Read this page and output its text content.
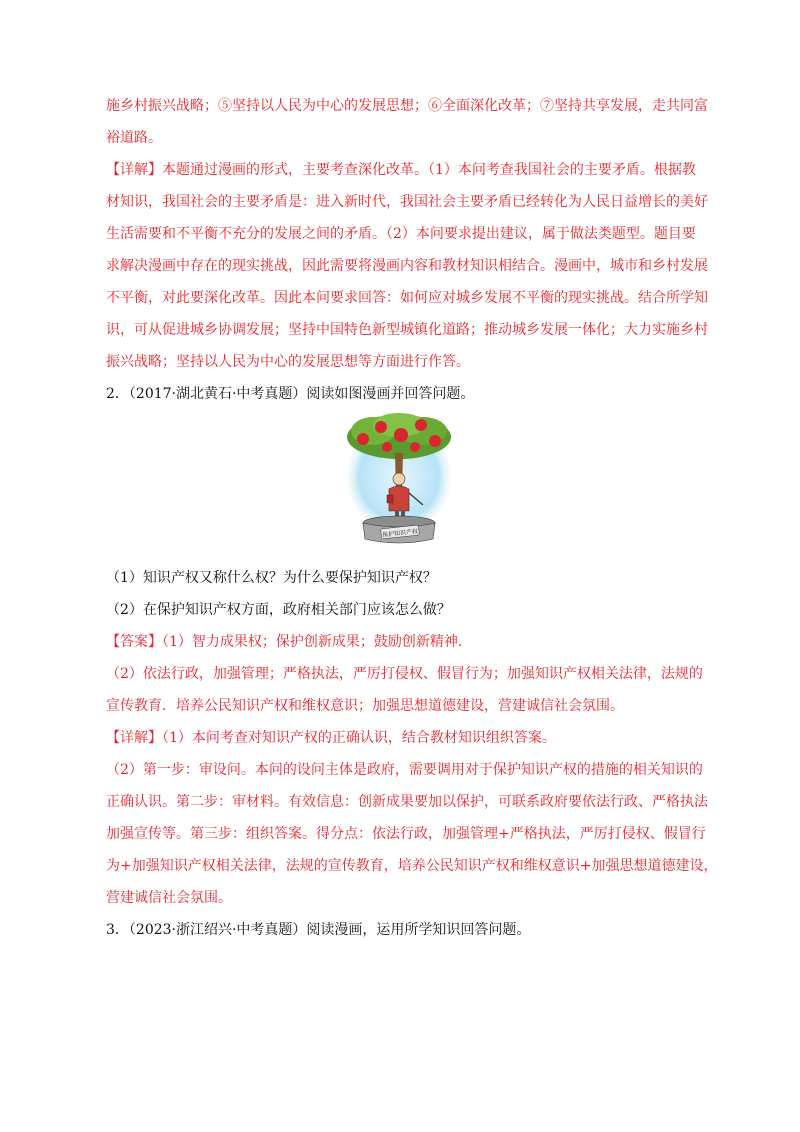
施乡村振兴战略；⑤坚持以人民为中心的发展思想；⑥全面深化改革；⑦坚持共享发展，走共同富
裕道路。
【详解】本题通过漫画的形式，主要考查深化改革。（1）本问考查我国社会的主要矛盾。根据教
材知识，我国社会的主要矛盾是：进入新时代，我国社会主要矛盾已经转化为人民日益增长的美好
生活需要和不平衡不充分的发展之间的矛盾。（2）本问要求提出建议，属于做法类题型。题目要
求解决漫画中存在的现实挑战，因此需要将漫画内容和教材知识相结合。漫画中，城市和乡村发展
不平衡，对此要深化改革。因此本问要求回答：如何应对城乡发展不平衡的现实挑战。结合所学知
识，可从促进城乡协调发展；坚持中国特色新型城镇化道路；推动城乡发展一体化；大力实施乡村
振兴战略；坚持以人民为中心的发展思想等方面进行作答。
2．（2017·湖北黄石·中考真题）阅读如图漫画并回答问题。
保护知识产权
（1）知识产权又称什么权？为什么要保护知识产权？
（2）在保护知识产权方面，政府相关部门应该怎么做？
【答案】（1）智力成果权；保护创新成果；鼓励创新精神.
（2）依法行政，加强管理；严格执法，严厉打侵权、假冒行为；加强知识产权相关法律，法规的
宣传教育．培养公民知识产权和维权意识；加强思想道德建设，营建诚信社会氛围。
【详解】（1）本问考查对知识产权的正确认识，结合教材知识组织答案。
（2）第一步：审设问。本问的设问主体是政府，需要调用对于保护知识产权的措施的相关知识的
正确认识。第二步：审材料。有效信息：创新成果要加以保护，可联系政府要依法行政、严格执法
加强宣传等。第三步：组织答案。得分点：依法行政，加强管理+严格执法，严厉打侵权、假冒行
为+加强知识产权相关法律，法规的宣传教育，培养公民知识产权和维权意识+加强思想道德建设，
营建诚信社会氛围。
3．（2023·浙江绍兴·中考真题）阅读漫画，运用所学知识回答问题。
